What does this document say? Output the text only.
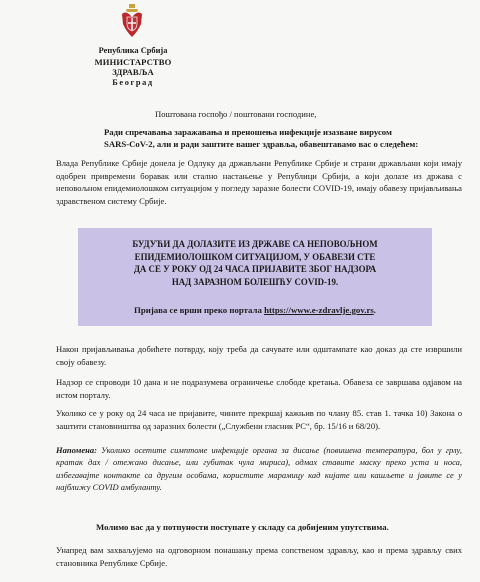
Република Србија
МИНИСТАРСТВО ЗДРАВЉА
Београд
Поштована госпођо / поштовани господине,
Ради спречавања заражавања и преношења инфекције изазване вирусом
SARS-CoV-2, али и ради заштите вашег здравља, обавештавамо вас о следећем:
Влада Републике Србије донела је Одлуку да држављани Републике Србије и страни држављани који имају одобрен привремени боравак или стално настањење у Републици Србији, а који долазе из држава с неповољном епидемиолошком ситуацијом у погледу заразне болести COVID-19, имају обавезу пријављивања здравственом систему Србије.
БУДУЋИ ДА ДОЛАЗИТЕ ИЗ ДРЖАВЕ СА НЕПОВОЉНОМ
ЕПИДЕМИОЛОШКОМ СИТУАЦИЈОМ, У ОБАВЕЗИ СТЕ
ДА СЕ У РОКУ ОД 24 ЧАСА ПРИЈАВИТЕ ЗБОГ НАДЗОРА
НАД ЗАРАЗНОМ БОЛЕШЋУ COVID-19.
Пријава се врши преко портала https://www.e-zdravlje.gov.rs.
Након пријављивања добићете потврду, коју треба да сачувате или одштампате као доказ да сте извршили своју обавезу.
Надзор се спроводи 10 дана и не подразумева ограничење слободе кретања. Обавеза се завршава одјавом на истом порталу.
Уколико се у року од 24 часа не пријавите, чините прекршај кажњив по члану 85. став 1. тачка 10) Закона о заштити становништва од заразних болести („Службени гласник РС“, бр. 15/16 и 68/20).
Напомена: Уколико осетите симптоме инфекције органа за дисање (повишена температура, бол у грлу, кратак дах / отежано дисање, или губитак чула мириса), одмах ставите маску преко уста и носа, избегавајте контакте са другим особама, користите марамицу кад кијате или кашљете и јавите се у најближу COVID амбуланту.
Молимо вас да у потпуности поступате у складу са добијеним упутствима.
Унапред вам захваљујемо на одговорном понашању према сопственом здрављу, као и према здрављу свих становника Републике Србије.
